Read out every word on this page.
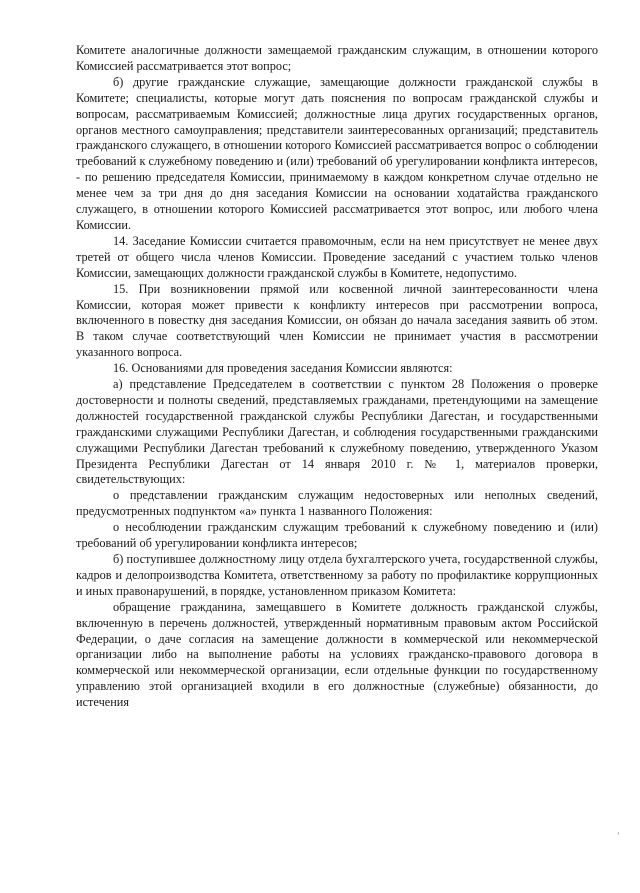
Комитете аналогичные должности замещаемой гражданским служащим, в отношении которого Комиссией рассматривается этот вопрос;

б) другие гражданские служащие, замещающие должности гражданской службы в Комитете; специалисты, которые могут дать пояснения по вопросам гражданской службы и вопросам, рассматриваемым Комиссией; должностные лица других государственных органов, органов местного самоуправления; представители заинтересованных организаций; представитель гражданского служащего, в отношении которого Комиссией рассматривается вопрос о соблюдении требований к служебному поведению и (или) требований об урегулировании конфликта интересов,

- по решению председателя Комиссии, принимаемому в каждом конкретном случае отдельно не менее чем за три дня до дня заседания Комиссии на основании ходатайства гражданского служащего, в отношении которого Комиссией рассматривается этот вопрос, или любого члена Комиссии.

14. Заседание Комиссии считается правомочным, если на нем присутствует не менее двух третей от общего числа членов Комиссии. Проведение заседаний с участием только членов Комиссии, замещающих должности гражданской службы в Комитете, недопустимо.

15. При возникновении прямой или косвенной личной заинтересованности члена Комиссии, которая может привести к конфликту интересов при рассмотрении вопроса, включенного в повестку дня заседания Комиссии, он обязан до начала заседания заявить об этом. В таком случае соответствующий член Комиссии не принимает участия в рассмотрении указанного вопроса.

16. Основаниями для проведения заседания Комиссии являются:

а) представление Председателем в соответствии с пунктом 28 Положения о проверке достоверности и полноты сведений, представляемых гражданами, претендующими на замещение должностей государственной гражданской службы Республики Дагестан, и государственными гражданскими служащими Республики Дагестан, и соблюдения государственными гражданскими служащими Республики Дагестан требований к служебному поведению, утвержденного Указом Президента Республики Дагестан от 14 января 2010 г. № 1, материалов проверки, свидетельствующих:

о представлении гражданским служащим недостоверных или неполных сведений, предусмотренных подпунктом «а» пункта 1 названного Положения:

о несоблюдении гражданским служащим требований к служебному поведению и (или) требований об урегулировании конфликта интересов;

б) поступившее должностному лицу отдела бухгалтерского учета, государственной службы, кадров и делопроизводства Комитета, ответственному за работу по профилактике коррупционных и иных правонарушений, в порядке, установленном приказом Комитета:

обращение гражданина, замещавшего в Комитете должность гражданской службы, включенную в перечень должностей, утвержденный нормативным правовым актом Российской Федерации, о даче согласия на замещение должности в коммерческой или некоммерческой организации либо на выполнение работы на условиях гражданско-правового договора в коммерческой или некоммерческой организации, если отдельные функции по государственному управлению этой организацией входили в его должностные (служебные) обязанности, до истечения

ˌ
